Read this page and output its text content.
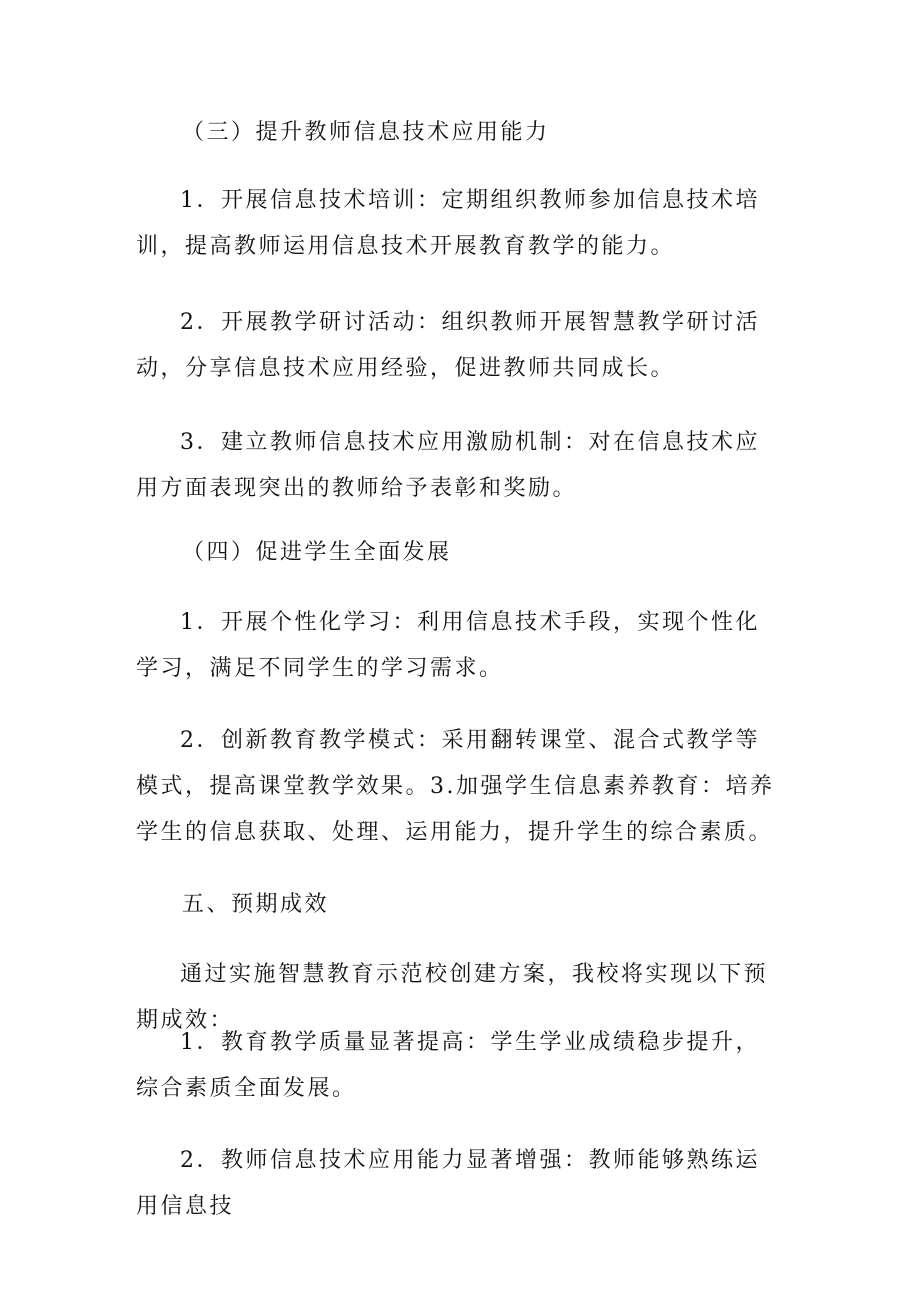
（三）提升教师信息技术应用能力

1．开展信息技术培训：定期组织教师参加信息技术培训，提高教师运用信息技术开展教育教学的能力。

2．开展教学研讨活动：组织教师开展智慧教学研讨活动，分享信息技术应用经验，促进教师共同成长。

3．建立教师信息技术应用激励机制：对在信息技术应用方面表现突出的教师给予表彰和奖励。

（四）促进学生全面发展

1．开展个性化学习：利用信息技术手段，实现个性化学习，满足不同学生的学习需求。

2．创新教育教学模式：采用翻转课堂、混合式教学等模式，提高课堂教学效果。3.加强学生信息素养教育：培养学生的信息获取、处理、运用能力，提升学生的综合素质。

五、预期成效

通过实施智慧教育示范校创建方案，我校将实现以下预期成效：

1．教育教学质量显著提高：学生学业成绩稳步提升，综合素质全面发展。

2．教师信息技术应用能力显著增强：教师能够熟练运用信息技
